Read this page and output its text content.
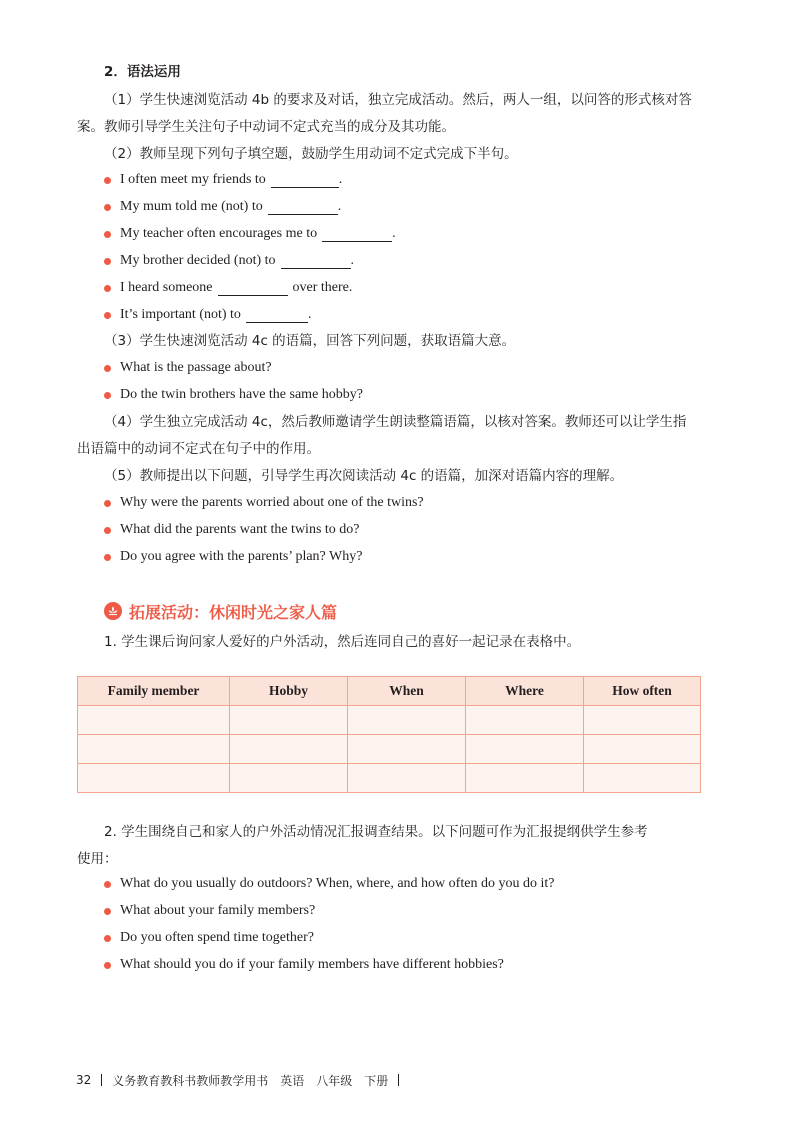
2．语法运用
（1）学生快速浏览活动 4b 的要求及对话，独立完成活动。然后，两人一组，以问答的形式核对答
案。教师引导学生关注句子中动词不定式充当的成分及其功能。
（2）教师呈现下列句子填空题，鼓励学生用动词不定式完成下半句。
I often meet my friends to	.
My mum told me (not) to	.
My teacher often encourages me to	.
My brother decided (not) to	.
I heard someone	over there.
It’s important (not) to	.
（3）学生快速浏览活动 4c 的语篇，回答下列问题，获取语篇大意。
What is the passage about?
Do the twin brothers have the same hobby?
（4）学生独立完成活动 4c，然后教师邀请学生朗读整篇语篇，以核对答案。教师还可以让学生指
出语篇中的动词不定式在句子中的作用。
（5）教师提出以下问题，引导学生再次阅读活动 4c 的语篇，加深对语篇内容的理解。
Why were the parents worried about one of the twins?
What did the parents want the twins to do?
Do you agree with the parents’ plan? Why?
拓展活动：休闲时光之家人篇
1. 学生课后询问家人爱好的户外活动，然后连同自己的喜好一起记录在表格中。
Family member	Hobby	When	Where	How often

2. 学生围绕自己和家人的户外活动情况汇报调查结果。以下问题可作为汇报提纲供学生参考
使用：
What do you usually do outdoors? When, where, and how often do you do it?
What about your family members?
Do you often spend time together?
What should you do if your family members have different hobbies?
32 义务教育教科书教师教学用书　英语　八年级　下册
